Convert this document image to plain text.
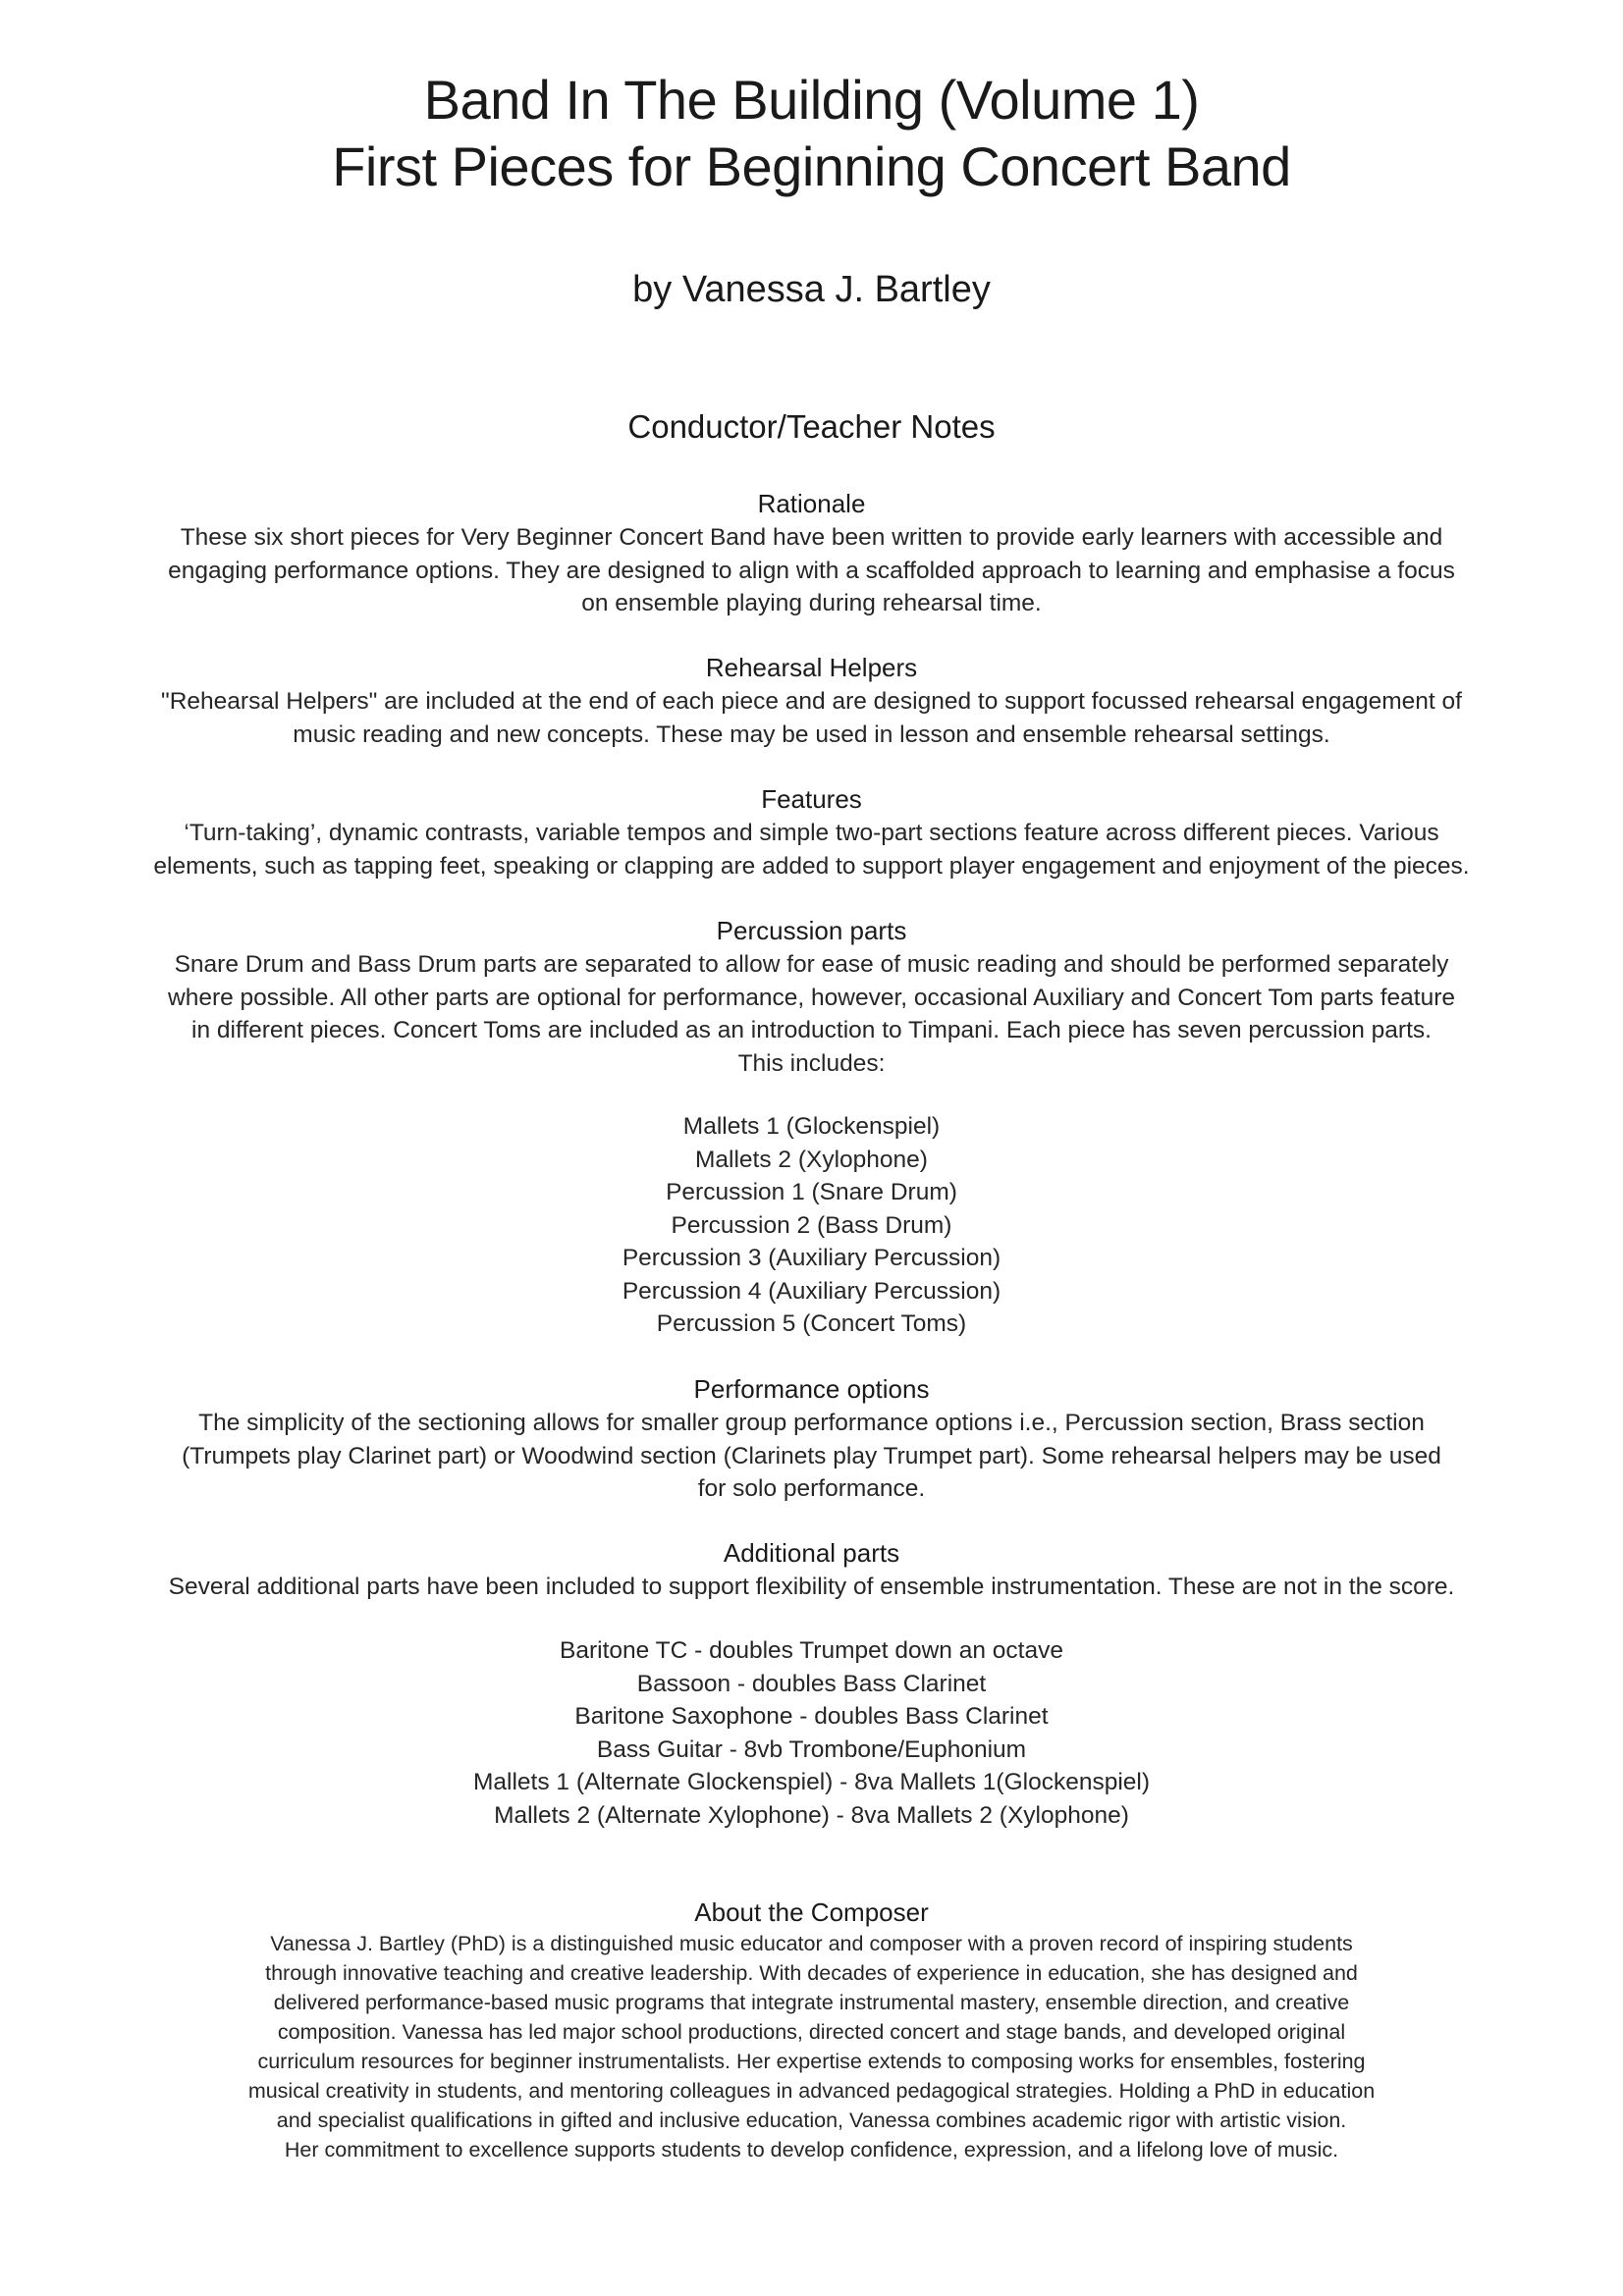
Band In The Building (Volume 1)
First Pieces for Beginning Concert Band
by Vanessa J. Bartley
Conductor/Teacher Notes
Rationale
These six short pieces for Very Beginner Concert Band have been written to provide early learners with accessible and
engaging performance options. They are designed to align with a scaffolded approach to learning and emphasise a focus
on ensemble playing during rehearsal time.
Rehearsal Helpers
"Rehearsal Helpers" are included at the end of each piece and are designed to support focussed rehearsal engagement of
music reading and new concepts. These may be used in lesson and ensemble rehearsal settings.
Features
‘Turn-taking’, dynamic contrasts, variable tempos and simple two-part sections feature across different pieces. Various
elements, such as tapping feet, speaking or clapping are added to support player engagement and enjoyment of the pieces.
Percussion parts
Snare Drum and Bass Drum parts are separated to allow for ease of music reading and should be performed separately
where possible. All other parts are optional for performance, however, occasional Auxiliary and Concert Tom parts feature
in different pieces. Concert Toms are included as an introduction to Timpani. Each piece has seven percussion parts.
This includes:
Mallets 1 (Glockenspiel)
Mallets 2 (Xylophone)
Percussion 1 (Snare Drum)
Percussion 2 (Bass Drum)
Percussion 3 (Auxiliary Percussion)
Percussion 4 (Auxiliary Percussion)
Percussion 5 (Concert Toms)
Performance options
The simplicity of the sectioning allows for smaller group performance options i.e., Percussion section, Brass section
(Trumpets play Clarinet part) or Woodwind section (Clarinets play Trumpet part). Some rehearsal helpers may be used
for solo performance.
Additional parts
Several additional parts have been included to support flexibility of ensemble instrumentation. These are not in the score.
Baritone TC - doubles Trumpet down an octave
Bassoon - doubles Bass Clarinet
Baritone Saxophone - doubles Bass Clarinet
Bass Guitar - 8vb Trombone/Euphonium
Mallets 1 (Alternate Glockenspiel) - 8va Mallets 1(Glockenspiel)
Mallets 2 (Alternate Xylophone) - 8va Mallets 2 (Xylophone)
About the Composer
Vanessa J. Bartley (PhD) is a distinguished music educator and composer with a proven record of inspiring students
through innovative teaching and creative leadership. With decades of experience in education, she has designed and
delivered performance-based music programs that integrate instrumental mastery, ensemble direction, and creative
composition. Vanessa has led major school productions, directed concert and stage bands, and developed original
curriculum resources for beginner instrumentalists. Her expertise extends to composing works for ensembles, fostering
musical creativity in students, and mentoring colleagues in advanced pedagogical strategies. Holding a PhD in education
and specialist qualifications in gifted and inclusive education, Vanessa combines academic rigor with artistic vision.
Her commitment to excellence supports students to develop confidence, expression, and a lifelong love of music.
